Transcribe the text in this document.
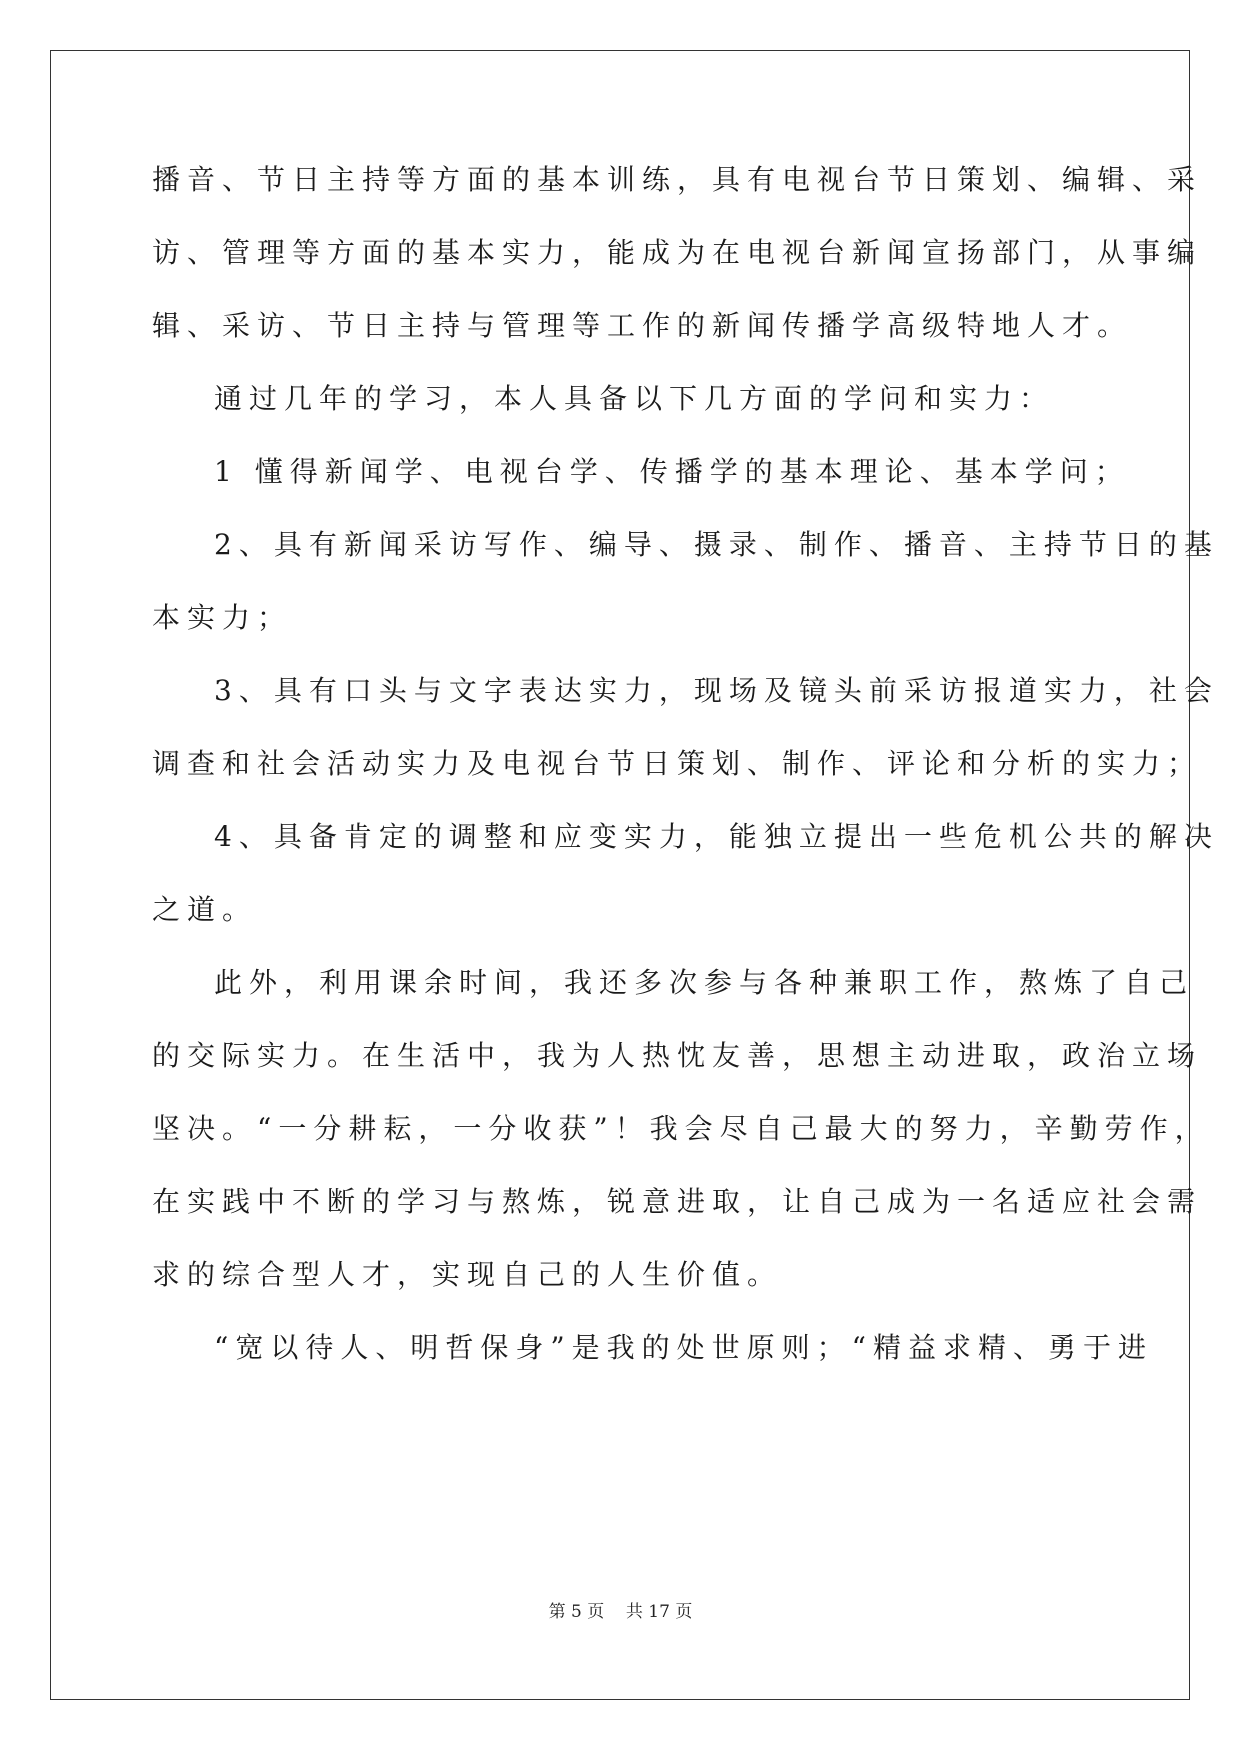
播音、节日主持等方面的基本训练，具有电视台节日策划、编辑、采
访、管理等方面的基本实力，能成为在电视台新闻宣扬部门，从事编
辑、采访、节日主持与管理等工作的新闻传播学高级特地人才。
通过几年的学习，本人具备以下几方面的学问和实力：
1 懂得新闻学、电视台学、传播学的基本理论、基本学问；
2、具有新闻采访写作、编导、摄录、制作、播音、主持节日的基
本实力；
3、具有口头与文字表达实力，现场及镜头前采访报道实力，社会
调查和社会活动实力及电视台节日策划、制作、评论和分析的实力；
4、具备肯定的调整和应变实力，能独立提出一些危机公共的解决
之道。
此外，利用课余时间，我还多次参与各种兼职工作，熬炼了自己
的交际实力。在生活中，我为人热忱友善，思想主动进取，政治立场
坚决。“一分耕耘，一分收获”！我会尽自己最大的努力，辛勤劳作，
在实践中不断的学习与熬炼，锐意进取，让自己成为一名适应社会需
求的综合型人才，实现自己的人生价值。
“宽以待人、明哲保身”是我的处世原则；“精益求精、勇于进
第 5 页 共 17 页
